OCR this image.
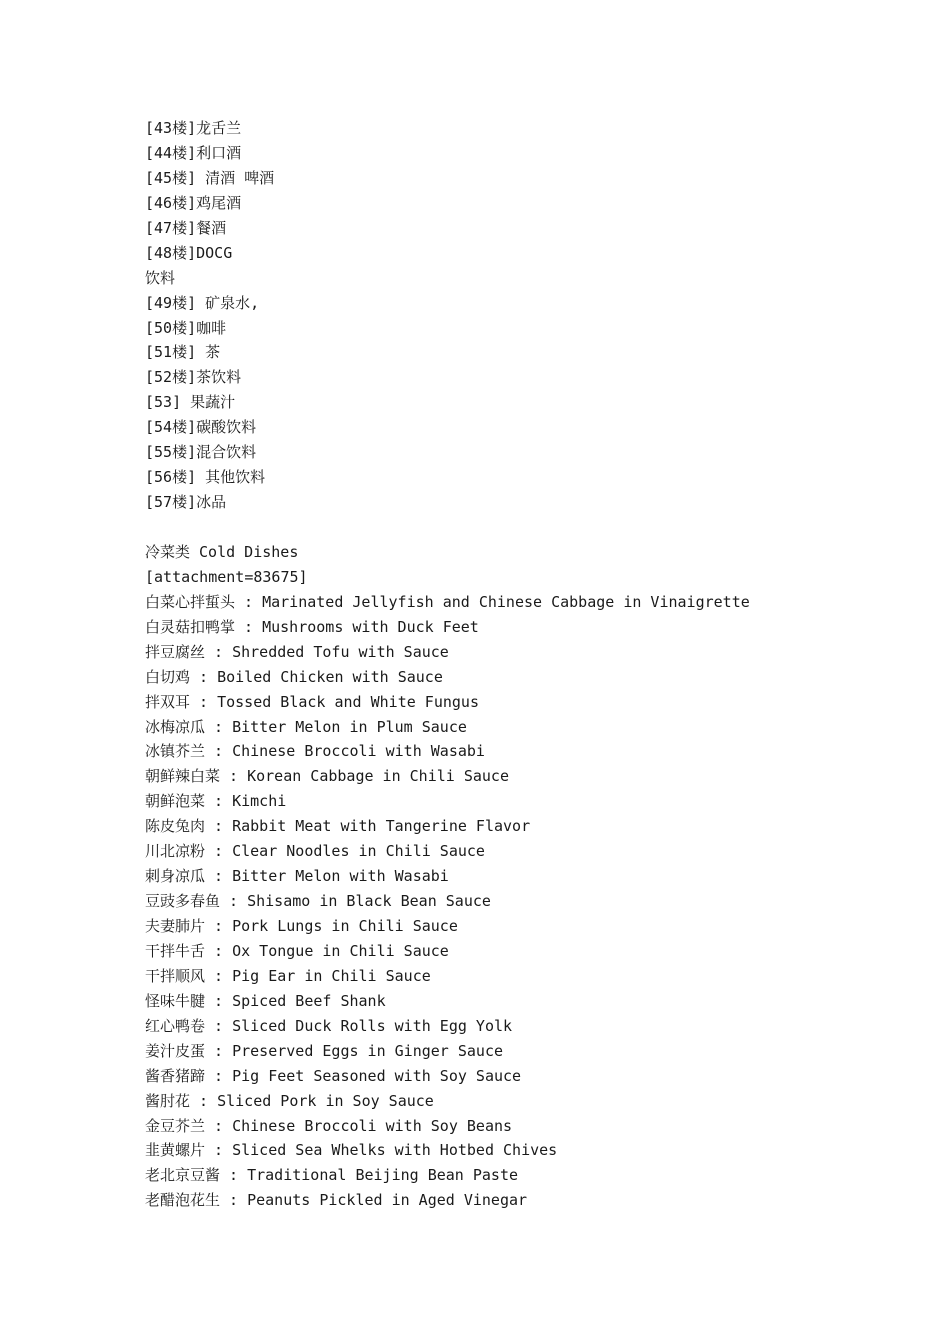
[43楼]龙舌兰
[44楼]利口酒
[45楼] 清酒 啤酒
[46楼]鸡尾酒
[47楼]餐酒
[48楼]DOCG
饮料
[49楼] 矿泉水,
[50楼]咖啡
[51楼] 茶
[52楼]茶饮料
[53] 果蔬汁
[54楼]碳酸饮料
[55楼]混合饮料
[56楼] 其他饮料
[57楼]冰品
冷菜类 Cold Dishes
[attachment=83675]
白菜心拌蜇头 : Marinated Jellyfish and Chinese Cabbage in Vinaigrette
白灵菇扣鸭掌 : Mushrooms with Duck Feet
拌豆腐丝 : Shredded Tofu with Sauce
白切鸡 : Boiled Chicken with Sauce
拌双耳 : Tossed Black and White Fungus
冰梅凉瓜 : Bitter Melon in Plum Sauce
冰镇芥兰 : Chinese Broccoli with Wasabi
朝鲜辣白菜 : Korean Cabbage in Chili Sauce
朝鲜泡菜 : Kimchi
陈皮兔肉 : Rabbit Meat with Tangerine Flavor
川北凉粉 : Clear Noodles in Chili Sauce
刺身凉瓜 : Bitter Melon with Wasabi
豆豉多春鱼 : Shisamo in Black Bean Sauce
夫妻肺片 : Pork Lungs in Chili Sauce
干拌牛舌 : Ox Tongue in Chili Sauce
干拌顺风 : Pig Ear in Chili Sauce
怪味牛腱 : Spiced Beef Shank
红心鸭卷 : Sliced Duck Rolls with Egg Yolk
姜汁皮蛋 : Preserved Eggs in Ginger Sauce
酱香猪蹄 : Pig Feet Seasoned with Soy Sauce
酱肘花 : Sliced Pork in Soy Sauce
金豆芥兰 : Chinese Broccoli with Soy Beans
韭黄螺片 : Sliced Sea Whelks with Hotbed Chives
老北京豆酱 : Traditional Beijing Bean Paste
老醋泡花生 : Peanuts Pickled in Aged Vinegar
